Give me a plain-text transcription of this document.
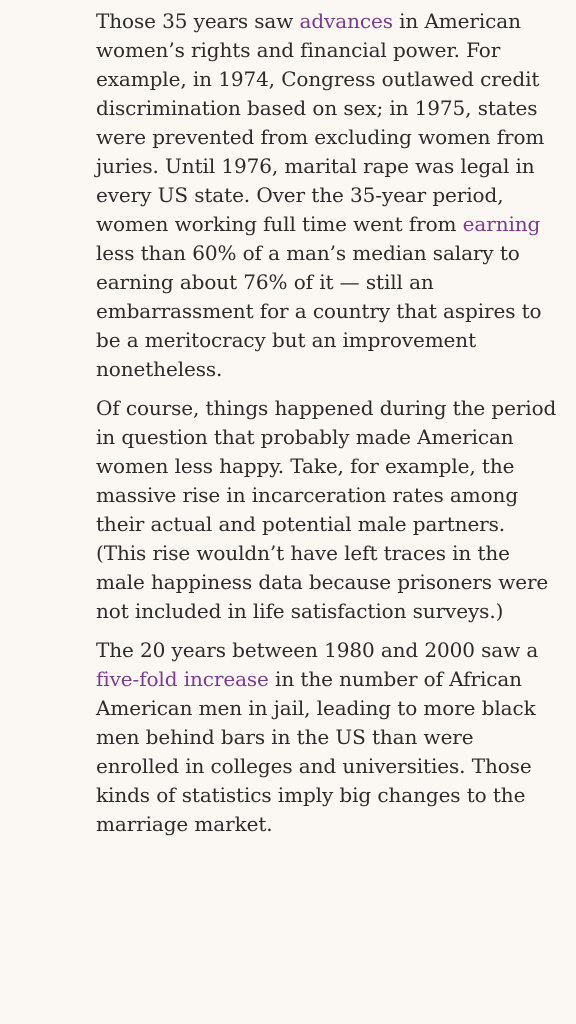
Those 35 years saw advances in American women’s rights and financial power. For example, in 1974, Congress outlawed credit discrimination based on sex; in 1975, states were prevented from excluding women from juries. Until 1976, marital rape was legal in every US state. Over the 35-year period, women working full time went from earning less than 60% of a man’s median salary to earning about 76% of it — still an embarrassment for a country that aspires to be a meritocracy but an improvement nonetheless.

Of course, things happened during the period in question that probably made American women less happy. Take, for example, the massive rise in incarceration rates among their actual and potential male partners. (This rise wouldn’t have left traces in the male happiness data because prisoners were not included in life satisfaction surveys.)

The 20 years between 1980 and 2000 saw a five-fold increase in the number of African American men in jail, leading to more black men behind bars in the US than were enrolled in colleges and universities. Those kinds of statistics imply big changes to the marriage market.
